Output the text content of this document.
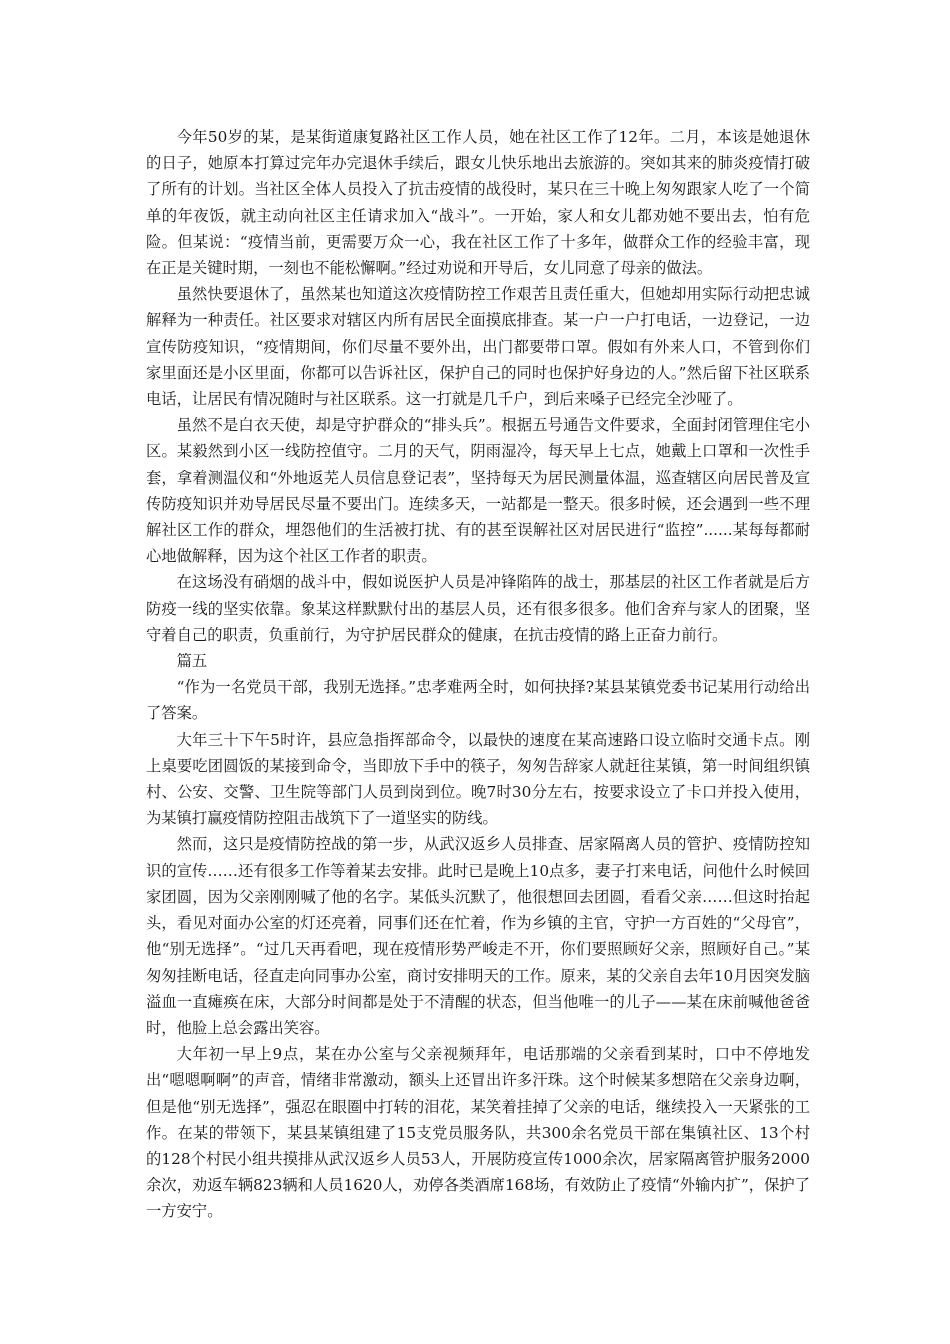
今年50岁的某，是某街道康复路社区工作人员，她在社区工作了12年。二月，本该是她退休的日子，她原本打算过完年办完退休手续后，跟女儿快乐地出去旅游的。突如其来的肺炎疫情打破了所有的计划。当社区全体人员投入了抗击疫情的战役时，某只在三十晚上匆匆跟家人吃了一个简单的年夜饭，就主动向社区主任请求加入“战斗”。一开始，家人和女儿都劝她不要出去，怕有危险。但某说：“疫情当前，更需要万众一心，我在社区工作了十多年，做群众工作的经验丰富，现在正是关键时期，一刻也不能松懈啊。”经过劝说和开导后，女儿同意了母亲的做法。

虽然快要退休了，虽然某也知道这次疫情防控工作艰苦且责任重大，但她却用实际行动把忠诚解释为一种责任。社区要求对辖区内所有居民全面摸底排查。某一户一户打电话，一边登记，一边宣传防疫知识，“疫情期间，你们尽量不要外出，出门都要带口罩。假如有外来人口，不管到你们家里面还是小区里面，你都可以告诉社区，保护自己的同时也保护好身边的人。”然后留下社区联系电话，让居民有情况随时与社区联系。这一打就是几千户，到后来嗓子已经完全沙哑了。

虽然不是白衣天使，却是守护群众的“排头兵”。根据五号通告文件要求，全面封闭管理住宅小区。某毅然到小区一线防控值守。二月的天气，阴雨湿冷，每天早上七点，她戴上口罩和一次性手套，拿着测温仪和“外地返芜人员信息登记表”，坚持每天为居民测量体温，巡查辖区向居民普及宣传防疫知识并劝导居民尽量不要出门。连续多天，一站都是一整天。很多时候，还会遇到一些不理解社区工作的群众，埋怨他们的生活被打扰、有的甚至误解社区对居民进行“监控”......某每每都耐心地做解释，因为这个社区工作者的职责。

在这场没有硝烟的战斗中，假如说医护人员是冲锋陷阵的战士，那基层的社区工作者就是后方防疫一线的坚实依靠。象某这样默默付出的基层人员，还有很多很多。他们舍弃与家人的团聚，坚守着自己的职责，负重前行，为守护居民群众的健康，在抗击疫情的路上正奋力前行。

篇五

“作为一名党员干部，我别无选择。”忠孝难两全时，如何抉择?某县某镇党委书记某用行动给出了答案。

大年三十下午5时许，县应急指挥部命令，以最快的速度在某高速路口设立临时交通卡点。刚上桌要吃团圆饭的某接到命令，当即放下手中的筷子，匆匆告辞家人就赶往某镇，第一时间组织镇村、公安、交警、卫生院等部门人员到岗到位。晚7时30分左右，按要求设立了卡口并投入使用，为某镇打赢疫情防控阻击战筑下了一道坚实的防线。

然而，这只是疫情防控战的第一步，从武汉返乡人员排查、居家隔离人员的管护、疫情防控知识的宣传……还有很多工作等着某去安排。此时已是晚上10点多，妻子打来电话，问他什么时候回家团圆，因为父亲刚刚喊了他的名字。某低头沉默了，他很想回去团圆，看看父亲……但这时抬起头，看见对面办公室的灯还亮着，同事们还在忙着，作为乡镇的主官，守护一方百姓的“父母官”，他“别无选择”。“过几天再看吧，现在疫情形势严峻走不开，你们要照顾好父亲，照顾好自己。”某匆匆挂断电话，径直走向同事办公室，商讨安排明天的工作。原来，某的父亲自去年10月因突发脑溢血一直瘫痪在床，大部分时间都是处于不清醒的状态，但当他唯一的儿子——某在床前喊他爸爸时，他脸上总会露出笑容。

大年初一早上9点，某在办公室与父亲视频拜年，电话那端的父亲看到某时，口中不停地发出“嗯嗯啊啊”的声音，情绪非常激动，额头上还冒出许多汗珠。这个时候某多想陪在父亲身边啊，但是他“别无选择”，强忍在眼圈中打转的泪花，某笑着挂掉了父亲的电话，继续投入一天紧张的工作。在某的带领下，某县某镇组建了15支党员服务队，共300余名党员干部在集镇社区、13个村的128个村民小组共摸排从武汉返乡人员53人，开展防疫宣传1000余次，居家隔离管护服务2000余次，劝返车辆823辆和人员1620人，劝停各类酒席168场，有效防止了疫情“外输内扩”，保护了一方安宁。
